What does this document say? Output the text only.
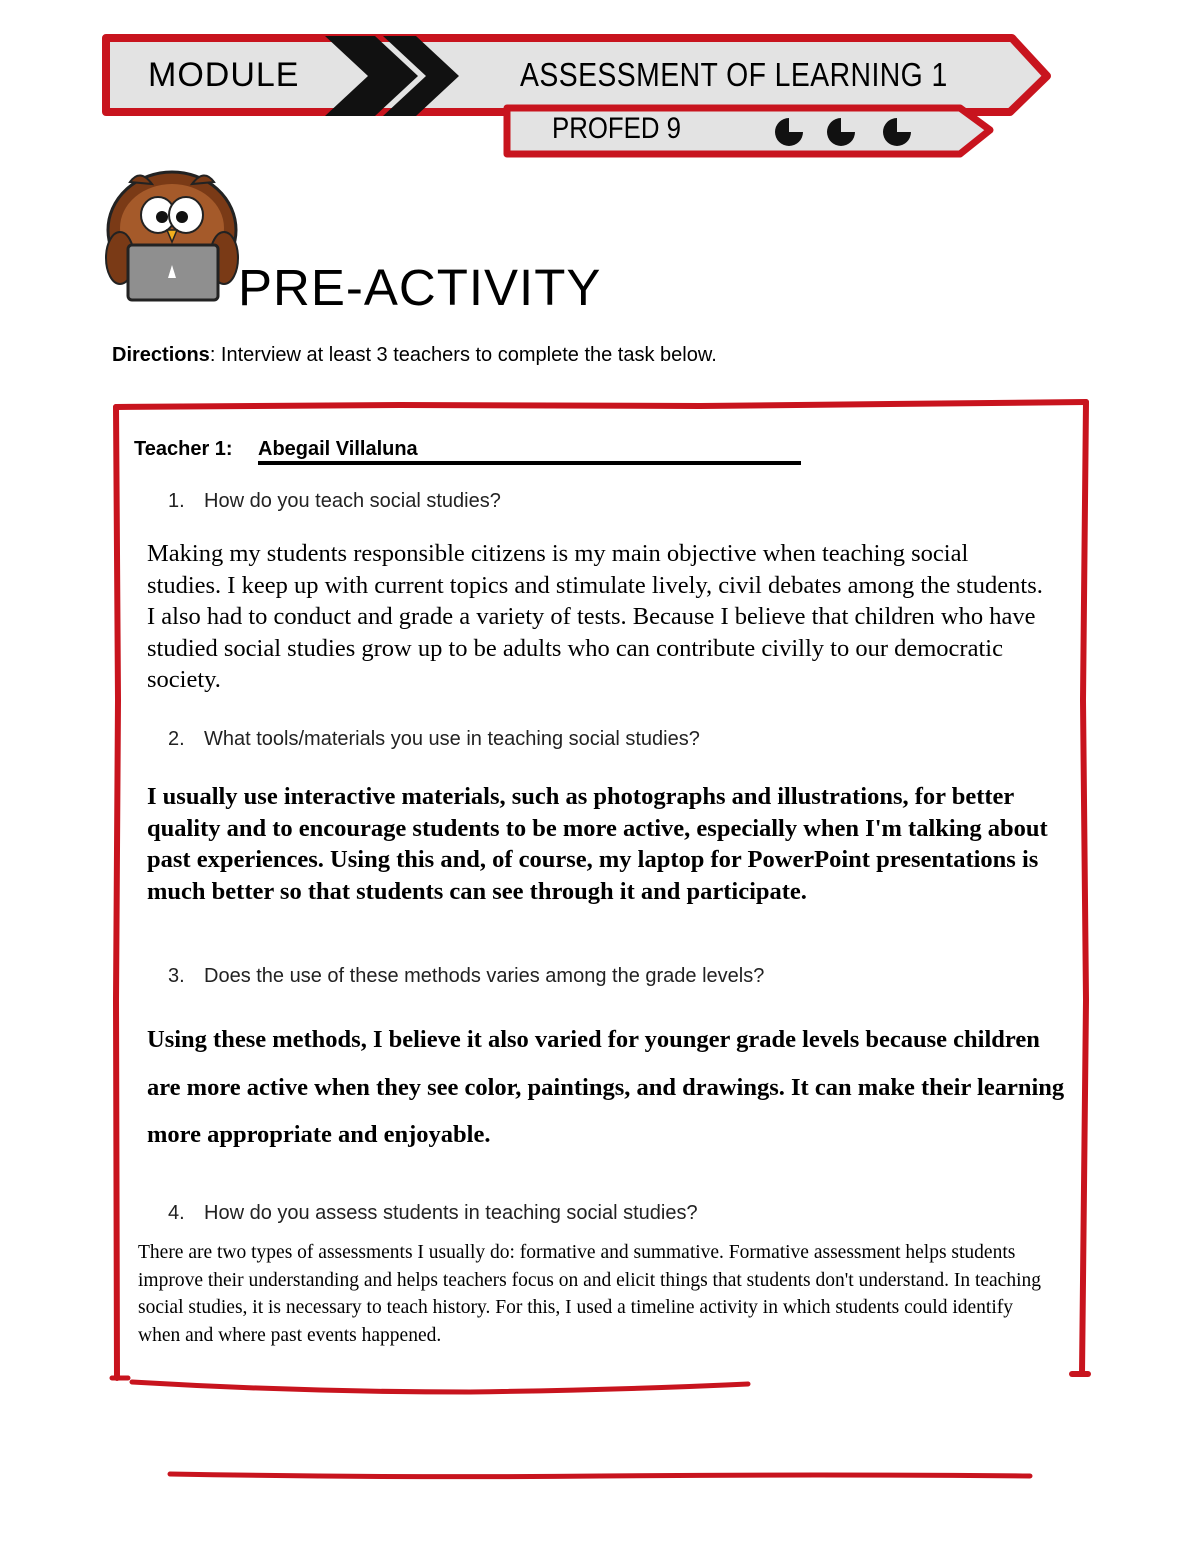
MODULE	ASSESSMENT OF LEARNING 1
PROFED 9
PRE-ACTIVITY
Directions: Interview at least 3 teachers to complete the task below.
Teacher 1: Abegail Villaluna
1. How do you teach social studies?
Making my students responsible citizens is my main objective when teaching social studies. I keep up with current topics and stimulate lively, civil debates among the students. I also had to conduct and grade a variety of tests. Because I believe that children who have studied social studies grow up to be adults who can contribute civilly to our democratic society.
2. What tools/materials you use in teaching social studies?
I usually use interactive materials, such as photographs and illustrations, for better quality and to encourage students to be more active, especially when I'm talking about past experiences. Using this and, of course, my laptop for PowerPoint presentations is much better so that students can see through it and participate.
3. Does the use of these methods varies among the grade levels?
Using these methods, I believe it also varied for younger grade levels because children are more active when they see color, paintings, and drawings. It can make their learning more appropriate and enjoyable.
4. How do you assess students in teaching social studies?
There are two types of assessments I usually do: formative and summative. Formative assessment helps students improve their understanding and helps teachers focus on and elicit things that students don't understand. In teaching social studies, it is necessary to teach history. For this, I used a timeline activity in which students could identify when and where past events happened.
